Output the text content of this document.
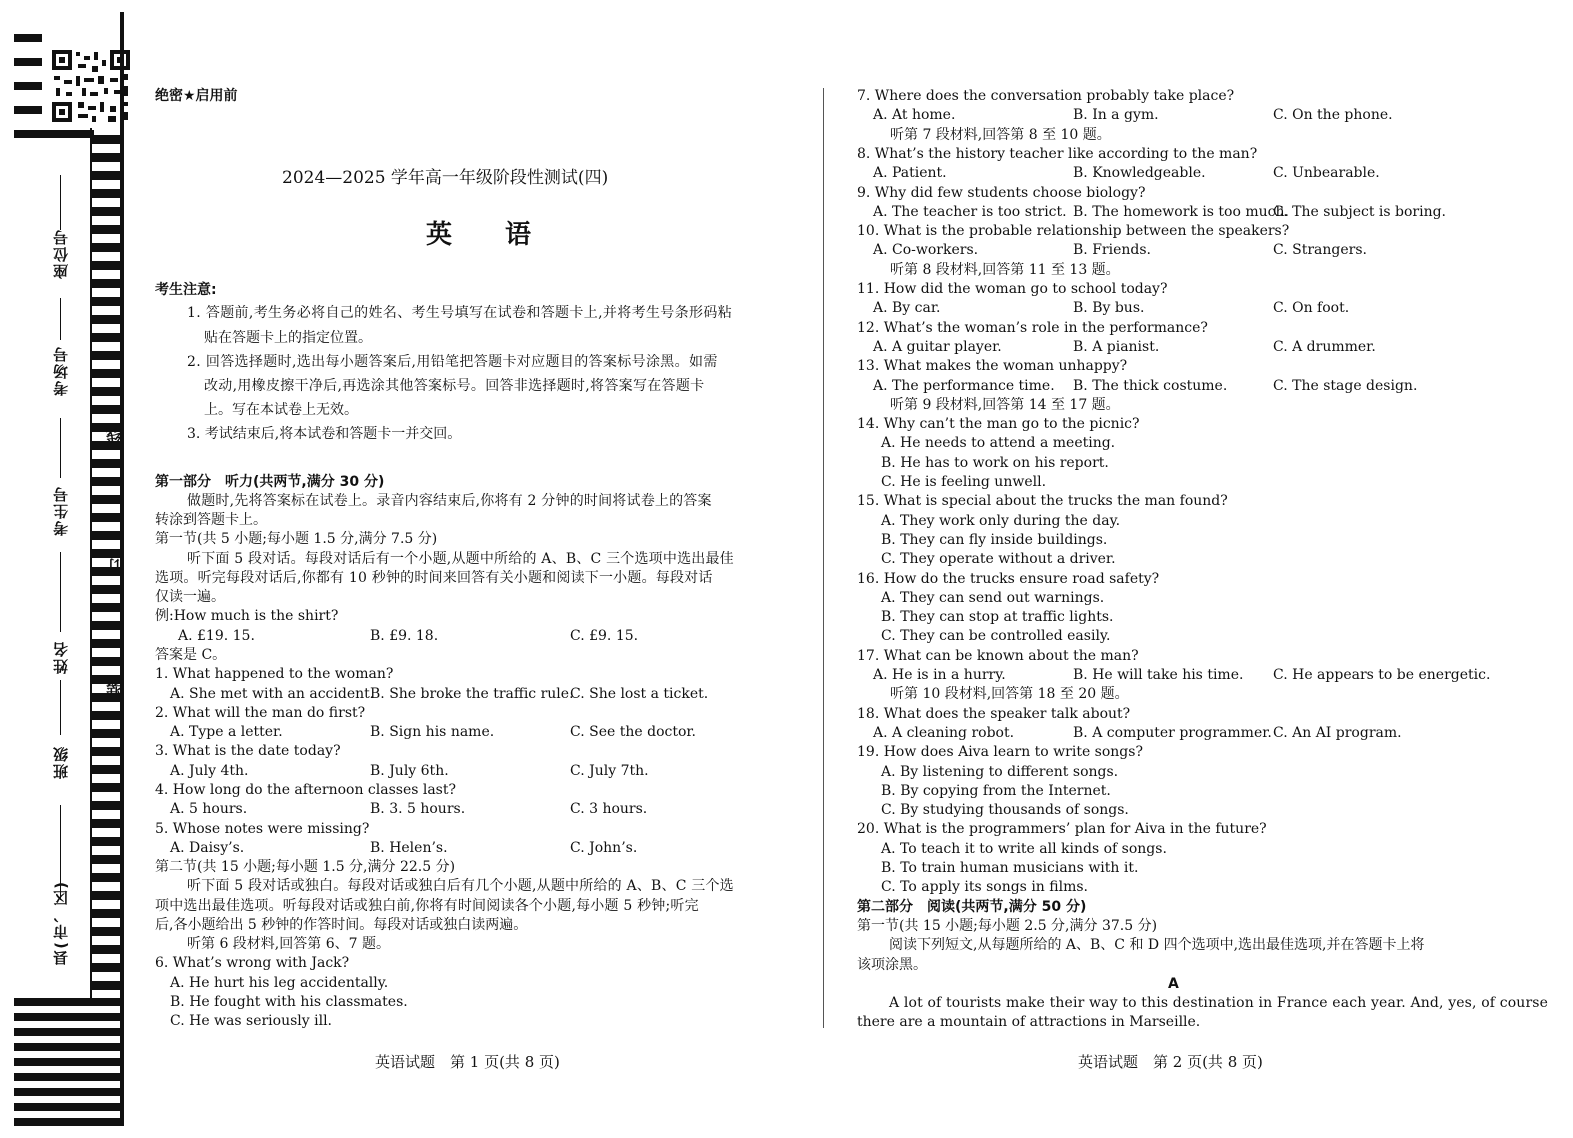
座位号
考场号
考生号
姓名
班级
县(市、区)
线
订
装
绝密★启用前
2024—2025 学年高一年级阶段性测试(四)
英 语
考生注意:
1. 答题前,考生务必将自己的姓名、考生号填写在试卷和答题卡上,并将考生号条形码粘
贴在答题卡上的指定位置。
2. 回答选择题时,选出每小题答案后,用铅笔把答题卡对应题目的答案标号涂黑。如需
改动,用橡皮擦干净后,再选涂其他答案标号。回答非选择题时,将答案写在答题卡
上。写在本试卷上无效。
3. 考试结束后,将本试卷和答题卡一并交回。
第一部分　听力(共两节,满分 30 分)
做题时,先将答案标在试卷上。录音内容结束后,你将有 2 分钟的时间将试卷上的答案
转涂到答题卡上。
第一节(共 5 小题;每小题 1.5 分,满分 7.5 分)
听下面 5 段对话。每段对话后有一个小题,从题中所给的 A、B、C 三个选项中选出最佳
选项。听完每段对话后,你都有 10 秒钟的时间来回答有关小题和阅读下一小题。每段对话
仅读一遍。
例:How much is the shirt?
A. £19. 15.	B. £9. 18.	C. £9. 15.
答案是 C。
1. What happened to the woman?
A. She met with an accident.
B. She broke the traffic rule.
C. She lost a ticket.
2. What will the man do first?
A. Type a letter.	B. Sign his name.	C. See the doctor.
3. What is the date today?
A. July 4th.	B. July 6th.	C. July 7th.
4. How long do the afternoon classes last?
A. 5 hours.	B. 3. 5 hours.	C. 3 hours.
5. Whose notes were missing?
A. Daisy’s.	B. Helen’s.	C. John’s.
第二节(共 15 小题;每小题 1.5 分,满分 22.5 分)
听下面 5 段对话或独白。每段对话或独白后有几个小题,从题中所给的 A、B、C 三个选
项中选出最佳选项。听每段对话或独白前,你将有时间阅读各个小题,每小题 5 秒钟;听完
后,各小题给出 5 秒钟的作答时间。每段对话或独白读两遍。
听第 6 段材料,回答第 6、7 题。
6. What’s wrong with Jack?
A. He hurt his leg accidentally.
B. He fought with his classmates.
C. He was seriously ill.
英语试题　第 1 页(共 8 页)
7. Where does the conversation probably take place?
A. At home.	B. In a gym.	C. On the phone.
听第 7 段材料,回答第 8 至 10 题。
8. What’s the history teacher like according to the man?
A. Patient.	B. Knowledgeable.	C. Unbearable.
9. Why did few students choose biology?
A. The teacher is too strict. B. The homework is too much.
C. The subject is boring.
10. What is the probable relationship between the speakers?
A. Co-workers.	B. Friends.	C. Strangers.
听第 8 段材料,回答第 11 至 13 题。
11. How did the woman go to school today?
A. By car.	B. By bus.	C. On foot.
12. What’s the woman’s role in the performance?
A. A guitar player.	B. A pianist.	C. A drummer.
13. What makes the woman unhappy?
A. The performance time. B. The thick costume.	C. The stage design.
听第 9 段材料,回答第 14 至 17 题。
14. Why can’t the man go to the picnic?
A. He needs to attend a meeting.
B. He has to work on his report.
C. He is feeling unwell.
15. What is special about the trucks the man found?
A. They work only during the day.
B. They can fly inside buildings.
C. They operate without a driver.
16. How do the trucks ensure road safety?
A. They can send out warnings.
B. They can stop at traffic lights.
C. They can be controlled easily.
17. What can be known about the man?
A. He is in a hurry.	B. He will take his time. C. He appears to be energetic.
听第 10 段材料,回答第 18 至 20 题。
18. What does the speaker talk about?
A. A cleaning robot.	B. A computer programmer. C. An AI program.
19. How does Aiva learn to write songs?
A. By listening to different songs.
B. By copying from the Internet.
C. By studying thousands of songs.
20. What is the programmers’ plan for Aiva in the future?
A. To teach it to write all kinds of songs.
B. To train human musicians with it.
C. To apply its songs in films.
第二部分　阅读(共两节,满分 50 分)
第一节(共 15 小题;每小题 2.5 分,满分 37.5 分)
阅读下列短文,从每题所给的 A、B、C 和 D 四个选项中,选出最佳选项,并在答题卡上将
该项涂黑。
A
A lot of tourists make their way to this destination in France each year. And, yes, of course
there are a mountain of attractions in Marseille.
英语试题　第 2 页(共 8 页)
